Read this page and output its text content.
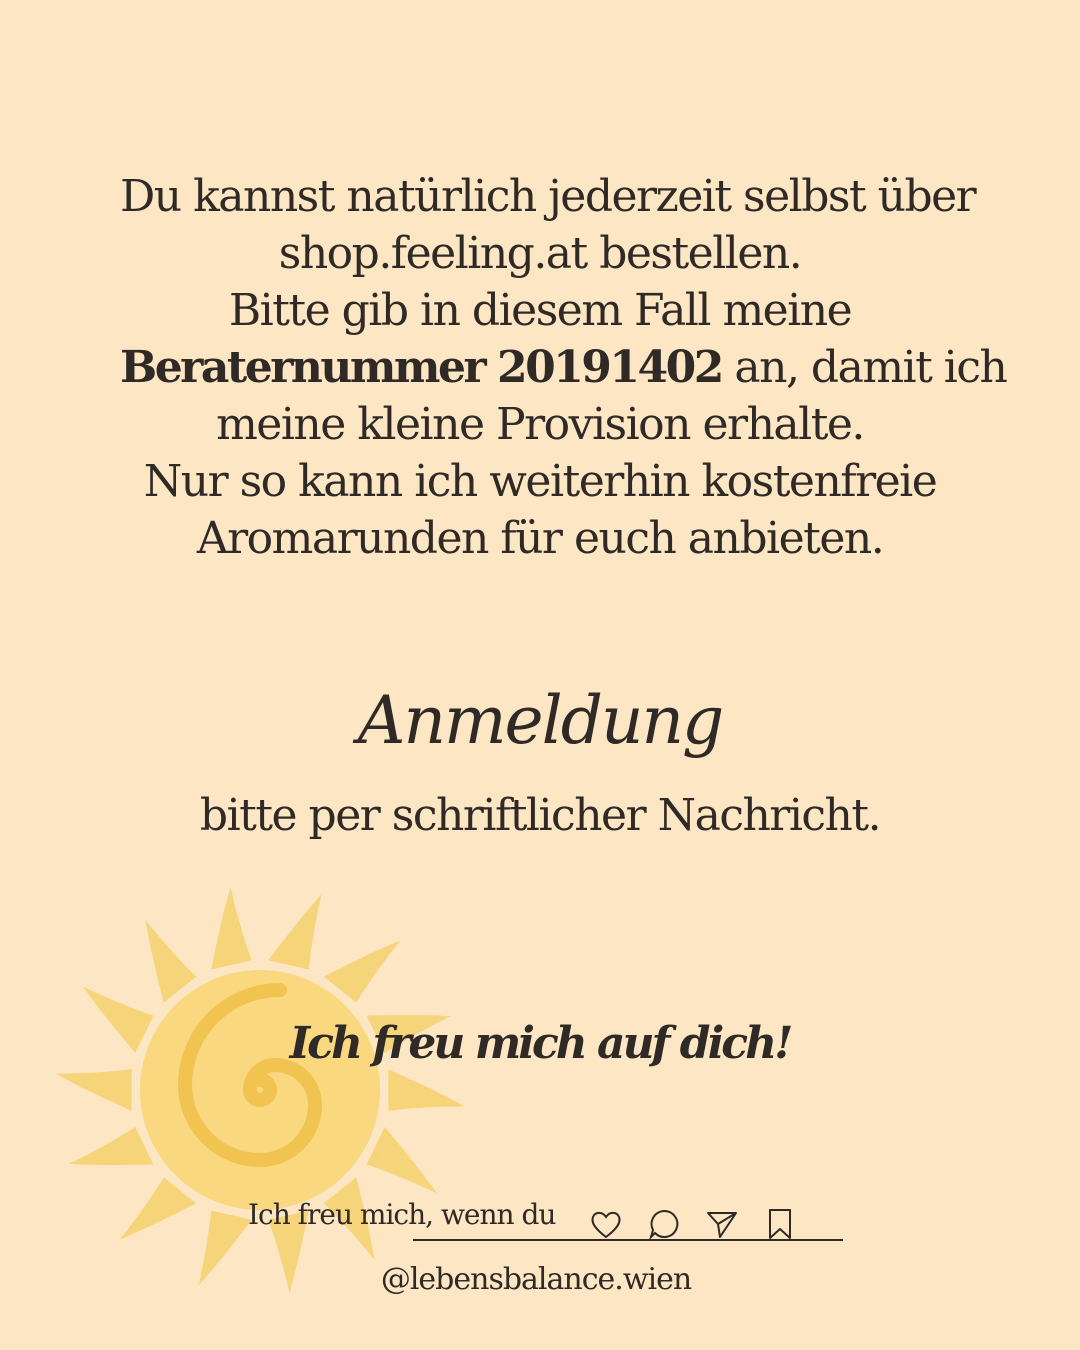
Du kannst natürlich jederzeit selbst über
shop.feeling.at bestellen.
Bitte gib in diesem Fall meine
Beraternummer 20191402 an, damit ich
meine kleine Provision erhalte.
Nur so kann ich weiterhin kostenfreie
Aromarunden für euch anbieten.
Anmeldung
bitte per schriftlicher Nachricht.
Ich freu mich auf dich!
Ich freu mich, wenn du
@lebensbalance.wien
